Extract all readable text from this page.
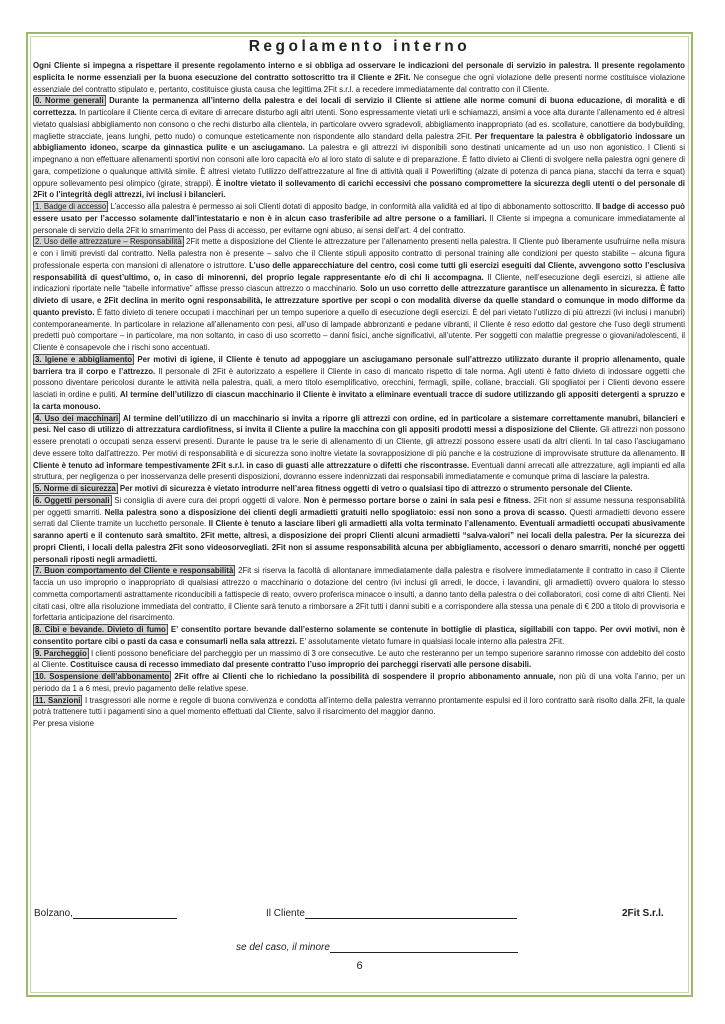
Regolamento interno

Ogni Cliente si impegna a rispettare il presente regolamento interno e si obbliga ad osservare le indicazioni del personale di servizio in palestra. Il presente regolamento esplicita le norme essenziali per la buona esecuzione del contratto sottoscritto tra il Cliente e 2Fit. Ne consegue che ogni violazione delle presenti norme costituisce violazione essenziale del contratto stipulato e, pertanto, costituisce giusta causa che legittima 2Fit s.r.l. a recedere immediatamente dal contratto con il Cliente.

0. Norme generali Durante la permanenza all’interno della palestra e dei locali di servizio il Cliente si attiene alle norme comuni di buona educazione, di moralità e di correttezza. In particolare il Cliente cerca di evitare di arrecare disturbo agli altri utenti. Sono espressamente vietati urli e schiamazzi, ansimi a voce alta durante l’allenamento ed è altresì vietato qualsiasi abbigliamento non consono o che rechi disturbo alla clientela, in particolare ovvero sgradevoli, abbigliamento inappropriato (ad es. scollature, canottiere da bodybuilding, magliette stracciate, jeans lunghi, petto nudo) o comunque esteticamente non rispondente allo standard della palestra 2Fit. Per frequentare la palestra è obbligatorio indossare un abbigliamento idoneo, scarpe da ginnastica pulite e un asciugamano. La palestra e gli attrezzi ivi disponibili sono destinati unicamente ad un uso non agonistico. I Clienti si impegnano a non effettuare allenamenti sportivi non consoni alle loro capacità e/o al loro stato di salute e di preparazione. È fatto divieto ai Clienti di svolgere nella palestra ogni genere di gara, competizione o qualunque attività simile. È altresì vietato l’utilizzo dell’attrezzature al fine di attività quali il Powerlifting (alzate di potenza di panca piana, stacchi da terra e squat) oppure sollevamento pesi olimpico (girate, strappi). È inoltre vietato il sollevamento di carichi eccessivi che possano compromettere la sicurezza degli utenti o del personale di 2Fit o l’integrità degli attrezzi, ivi inclusi i bilancieri.

1. Badge di accesso L’accesso alla palestra è permesso ai soli Clienti dotati di apposito badge, in conformità alla validità ed al tipo di abbonamento sottoscritto. Il badge di accesso può essere usato per l’accesso solamente dall’intestatario e non è in alcun caso trasferibile ad altre persone o a familiari. Il Cliente si impegna a comunicare immediatamente al personale di servizio della 2Fit lo smarrimento del Pass di accesso, per evitarne ogni abuso, ai sensi dell’art. 4 del contratto.

2. Uso delle attrezzature – Responsabilità 2Fit mette a disposizione del Cliente le attrezzature per l’allenamento presenti nella palestra. Il Cliente può liberamente usufruirne nella misura e con i limiti previsti dal contratto. Nella palestra non è presente – salvo che il Cliente stipuli apposito contratto di personal training alle condizioni per questo stabilite – alcuna figura professionale esperta con mansioni di allenatore o istruttore. L’uso delle apparecchiature del centro, così come tutti gli esercizi eseguiti dal Cliente, avvengono sotto l’esclusiva responsabilità di quest’ultimo, o, in caso di minorenni, del proprio legale rappresentante e/o di chi li accompagna. Il Cliente, nell’esecuzione degli esercizi, si attiene alle indicazioni riportate nelle “tabelle informative” affisse presso ciascun attrezzo o macchinario. Solo un uso corretto delle attrezzature garantisce un allenamento in sicurezza. È fatto divieto di usare, e 2Fit declina in merito ogni responsabilità, le attrezzature sportive per scopi o con modalità diverse da quelle standard o comunque in modo difforme da quanto previsto. È fatto divieto di tenere occupati i macchinari per un tempo superiore a quello di esecuzione degli esercizi. È del pari vietato l’utilizzo di più attrezzi (ivi inclusi i manubri) contemporaneamente. In particolare in relazione all’allenamento con pesi, all’uso di lampade abbronzanti e pedane vibranti, il Cliente è reso edotto dal gestore che l’uso degli strumenti predetti può comportare – in particolare, ma non soltanto, in caso di uso scorretto – danni fisici, anche significativi, all’utente. Per soggetti con malattie pregresse o giovani/adolescenti, il Cliente è consapevole che i rischi sono accentuati.

3. Igiene e abbigliamento Per motivi di igiene, il Cliente è tenuto ad appoggiare un asciugamano personale sull’attrezzo utilizzato durante il proprio allenamento, quale barriera tra il corpo e l’attrezzo. Il personale di 2Fit è autorizzato a espellere il Cliente in caso di mancato rispetto di tale norma. Agli utenti è fatto divieto di indossare oggetti che possono diventare pericolosi durante le attività nella palestra, quali, a mero titolo esemplificativo, orecchini, fermagli, spille, collane, bracciali. Gli spogliatoi per i Clienti devono essere lasciati in ordine e puliti. Al termine dell’utilizzo di ciascun macchinario il Cliente è invitato a eliminare eventuali tracce di sudore utilizzando gli appositi detergenti a spruzzo e la carta monouso.

4. Uso dei macchinari Al termine dell’utilizzo di un macchinario si invita a riporre gli attrezzi con ordine, ed in particolare a sistemare correttamente manubri, bilancieri e pesi. Nel caso di utilizzo di attrezzatura cardiofitness, si invita il Cliente a pulire la macchina con gli appositi prodotti messi a disposizione del Cliente. Gli attrezzi non possono essere prenotati o occupati senza esservi presenti. Durante le pause tra le serie di allenamento di un Cliente, gli attrezzi possono essere usati da altri clienti. In tal caso l'asciugamano deve essere tolto dall'attrezzo. Per motivi di responsabilità e di sicurezza sono inoltre vietate la sovrapposizione di più panche e la costruzione di improvvisate strutture da allenamento. Il Cliente è tenuto ad informare tempestivamente 2Fit s.r.l. in caso di guasti alle attrezzature o difetti che riscontrasse. Eventuali danni arrecati alle attrezzature, agli impianti ed alla struttura, per negligenza o per inosservanza delle presenti disposizioni, dovranno essere indennizzati dai responsabili immediatamente e comunque prima di lasciare la palestra.

5. Norme di sicurezza Per motivi di sicurezza è vietato introdurre nell’area fitness oggetti di vetro o qualsiasi tipo di attrezzo o strumento personale del Cliente.

6. Oggetti personali Si consiglia di avere cura dei propri oggetti di valore. Non è permesso portare borse o zaini in sala pesi e fitness. 2Fit non si assume nessuna responsabilità per oggetti smarriti. Nella palestra sono a disposizione dei clienti degli armadietti gratuiti nello spogliatoio: essi non sono a prova di scasso. Questi armadietti devono essere serrati dal Cliente tramite un lucchetto personale. Il Cliente è tenuto a lasciare liberi gli armadietti alla volta terminato l’allenamento. Eventuali armadietti occupati abusivamente saranno aperti e il contenuto sarà smaltito. 2Fit mette, altresì, a disposizione dei propri Clienti alcuni armadietti “salva-valori” nei locali della palestra. Per la sicurezza dei propri Clienti, i locali della palestra 2Fit sono videosorvegliati. 2Fit non si assume responsabilità alcuna per abbigliamento, accessori o denaro smarriti, nonché per oggetti personali riposti negli armadietti.

7. Buon comportamento del Cliente e responsabilità 2Fit si riserva la facoltà di allontanare immediatamente dalla palestra e risolvere immediatamente il contratto in caso il Cliente faccia un uso improprio o inappropriato di qualsiasi attrezzo o macchinario o dotazione del centro (ivi inclusi gli arredi, le docce, i lavandini, gli armadietti) ovvero qualora lo stesso commetta comportamenti astrattamente riconducibili a fattispecie di reato, ovvero proferisca minacce o insulti, a danno tanto della palestra o dei collaboratori, così come di altri Clienti. Nei citati casi, oltre alla risoluzione immediata del contratto, il Cliente sarà tenuto a rimborsare a 2Fit tutti i danni subiti e a corrispondere alla stessa una penale di € 200 a titolo di provvisoria e forfettaria anticipazione del risarcimento.

8. Cibi e bevande. Divieto di fumo E’ consentito portare bevande dall’esterno solamente se contenute in bottiglie di plastica, sigillabili con tappo. Per ovvi motivi, non è consentito portare cibi o pasti da casa e consumarli nella sala attrezzi. E’ assolutamente vietato fumare in qualsiasi locale interno alla palestra 2Fit.

9. Parcheggio I clienti possono beneficiare del parcheggio per un massimo di 3 ore consecutive. Le auto che resteranno per un tempo superiore saranno rimosse con addebito del costo al Cliente. Costituisce causa di recesso immediato dal presente contratto l’uso improprio dei parcheggi riservati alle persone disabili.

10. Sospensione dell’abbonamento 2Fit offre ai Clienti che lo richiedano la possibilità di sospendere il proprio abbonamento annuale, non più di una volta l’anno, per un periodo da 1 a 6 mesi, previo pagamento delle relative spese.

11. Sanzioni I trasgressori alle norme e regole di buona convivenza e condotta all’interno della palestra verranno prontamente espulsi ed il loro contratto sarà risolto dalla 2Fit, la quale potrà trattenere tutti i pagamenti sino a quel momento effettuati dal Cliente, salvo il risarcimento del maggior danno.

Per presa visione

Bolzano,	Il Cliente	2Fit S.r.l.
se del caso, il minore
6
